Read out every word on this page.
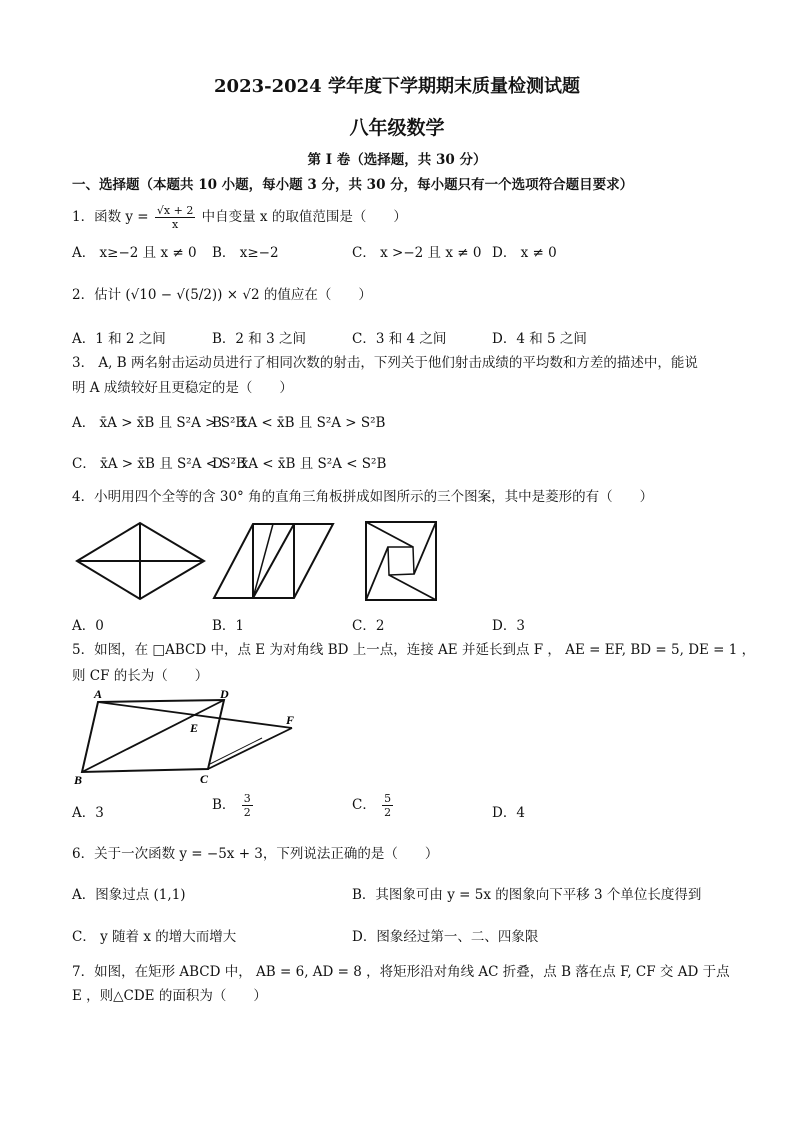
2023-2024 学年度下学期期末质量检测试题
八年级数学
第 I 卷（选择题，共 30 分）
一、选择题（本题共 10 小题，每小题 3 分，共 30 分，每小题只有一个选项符合题目要求）
1．函数 $y = \frac{√x + 2}{x}$ 中自变量 x 的取值范围是（　　）
A． x≥−2 且 x ≠ 0 B． x≥−2	C． x >−2 且 x ≠ 0 D． x ≠ 0
2．估计 (√10 − √(5/2)) × √2 的值应在（　　）
A．1 和 2 之间	B．2 和 3 之间	C．3 和 4 之间	D．4 和 5 之间
3． A, B 两名射击运动员进行了相同次数的射击，下列关于他们射击成绩的平均数和方差的描述中，能说
明 A 成绩较好且更稳定的是（　　）
A． x̄A > x̄B 且 S²A > S²B
B． x̄A < x̄B 且 S²A > S²B
C． x̄A > x̄B 且 S²A < S²B
D． x̄A < x̄B 且 S²A < S²B
4．小明用四个全等的含 30° 角的直角三角板拼成如图所示的三个图案，其中是菱形的有（　　）
A．0	B．1	C．2	D．3
5．如图，在 □ABCD 中，点 E 为对角线 BD 上一点，连接 AE 并延长到点 F ， AE = EF, BD = 5, DE = 1 ，
则 CF 的长为（　　）
A	D
E
F
B	C
A．3	B． $\frac{3}{2}$	C． $\frac{5}{2}$	D．4
6．关于一次函数 y = −5x + 3，下列说法正确的是（　　）
A．图象过点 (1,1)	B．其图象可由 y = 5x 的图象向下平移 3 个单位长度得到
C． y 随着 x 的增大而增大	D．图象经过第一、二、四象限
7．如图，在矩形 ABCD 中， AB = 6, AD = 8 ，将矩形沿对角线 AC 折叠，点 B 落在点 F, CF 交 AD 于点
E ，则△CDE 的面积为（　　）
